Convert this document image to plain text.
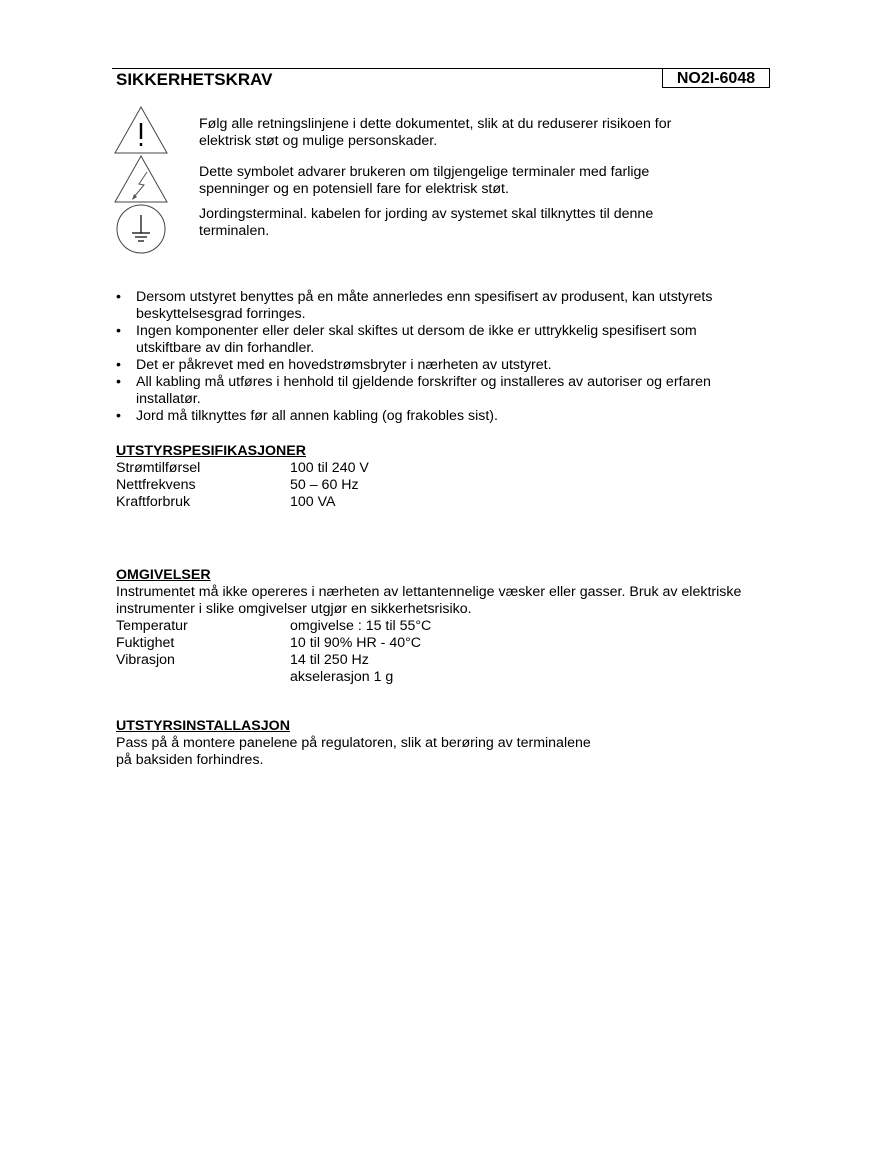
SIKKERHETSKRAV	NO2I-6048
Følg alle retningslinjene i dette dokumentet, slik at du reduserer risikoen for elektrisk støt og mulige personskader.
Dette symbolet advarer brukeren om tilgjengelige terminaler med farlige spenninger og en potensiell fare for elektrisk støt.
Jordingsterminal. kabelen for jording av systemet skal tilknyttes til denne terminalen.
• Dersom utstyret benyttes på en måte annerledes enn spesifisert av produsent, kan utstyrets beskyttelsesgrad forringes.
• Ingen komponenter eller deler skal skiftes ut dersom de ikke er uttrykkelig spesifisert som utskiftbare av din forhandler.
• Det er påkrevet med en hovedstrømsbryter i nærheten av utstyret.
• All kabling må utføres i henhold til gjeldende forskrifter og installeres av autoriser og erfaren installatør.
• Jord må tilknyttes før all annen kabling (og frakobles sist).
UTSTYRSPESIFIKASJONER
Strømtilførsel	100 til 240 V
Nettfrekvens	50 – 60 Hz
Kraftforbruk	100 VA
OMGIVELSER
Instrumentet må ikke opereres i nærheten av lettantennelige væsker eller gasser. Bruk av elektriske instrumenter i slike omgivelser utgjør en sikkerhetsrisiko.
Temperatur	omgivelse : 15 til 55°C
Fuktighet	10 til 90% HR - 40°C
Vibrasjon	14 til 250 Hz
akselerasjon 1 g
UTSTYRSINSTALLASJON
Pass på å montere panelene på regulatoren, slik at berøring av terminalene
på baksiden forhindres.
